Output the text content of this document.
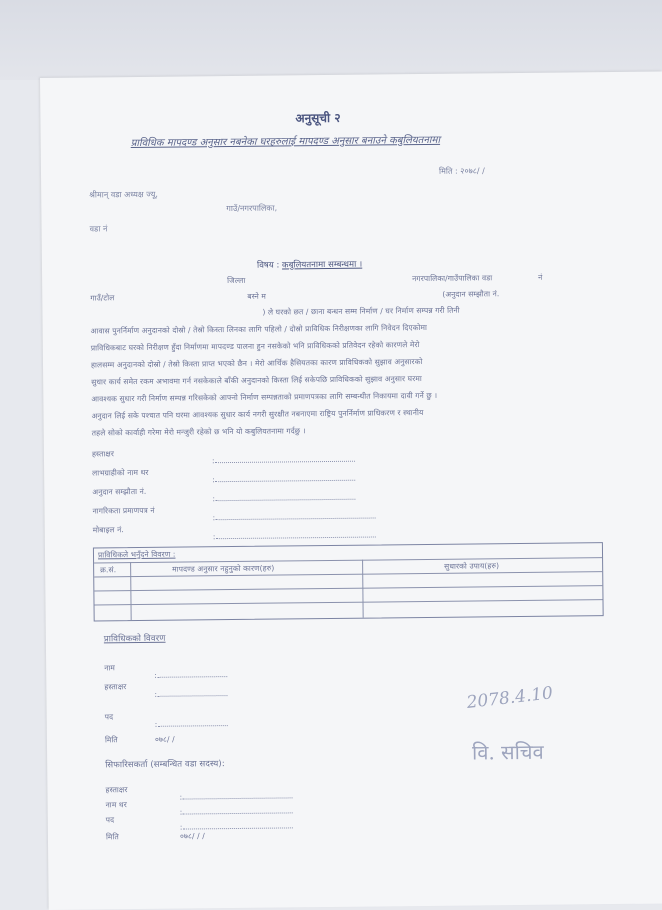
अनुसूची २
प्राविधिक मापदण्ड अनुसार नबनेका घरहरुलाई मापदण्ड अनुसार बनाउने कबुलियतनामा
मिति : २०७८/ /
श्रीमान् वडा अध्यक्ष ज्यू,
गाउँ/नगरपालिका,
वडा नं
विषय : कबुलियतनामा सम्बन्धमा ।
जिल्ला	नगरपालिका/गाउँपालिका वडा	नं
गाउँ/टोल	बस्ने म	(अनुदान सम्झौता नं.
) ले घरको छत / छाना बन्धन सम्म निर्माण / घर निर्माण सम्पन्न गरी तिनी
आवास पुनर्निर्माण अनुदानको दोस्रो / तेस्रो किस्ता लिनका लागि पहिलो / दोस्रो प्राविधिक निरीक्षणका लागि निवेदन दिएकोमा
प्राविधिकबाट घरको निरीक्षण हुँदा निर्माणमा मापदण्ड पालना हुन नसकेको भनि प्राविधिकको प्रतिवेदन रहेको कारणले मेरो
हालसम्म अनुदानको दोस्रो / तेस्रो किस्ता प्राप्त भएको छैन । मेरो आर्थिक हैसियतका कारण प्राविधिकको सुझाव अनुसारको
सुधार कार्य समेत रकम अभावमा गर्न नसकेकाले बाँकी अनुदानको किस्ता लिई सकेपछि प्राविधिकको सुझाव अनुसार घरमा
आवश्यक सुधार गरी निर्माण सम्पन्न गरिसकेको आफ्नो निर्माण सम्पन्नताको प्रमाणपत्रका लागि सम्बन्धीत निकायमा दावी गर्ने छु ।
अनुदान लिई सके पश्चात पनि घरमा आवश्यक सुधार कार्य नगरी सुरक्षीत नबनाएमा राष्ट्रिय पुनर्निर्माण प्राधिकरण र स्थानीय
तहले सोको कार्वाही गरेमा मेरो मन्जुरी रहेको छ भनि यो कबुलियतनामा गर्दछु ।
हस्ताक्षर
:
लाभग्राहीको नाम थर
:
अनुदान सम्झौता नं.
:
नागरिकता प्रमाणपत्र नं
:
मोबाइल नं.
:
प्राविधिकले भनुँदने विवरण :
क्र.सं.	मापदण्ड अनुसार नहुनुको कारण(हरु)	सुधारको उपाय(हरु)
प्राविधिकको विवरण
नाम
:
हस्ताक्षर
:
पद
:
मिति	०७८/ /
2078.4.10
वि. सचिव
सिफारिसकर्ता (सम्बन्धित वडा सदस्य):
हस्ताक्षर
:
नाम थर
:
पद
:
मिति	०७८/ / /
